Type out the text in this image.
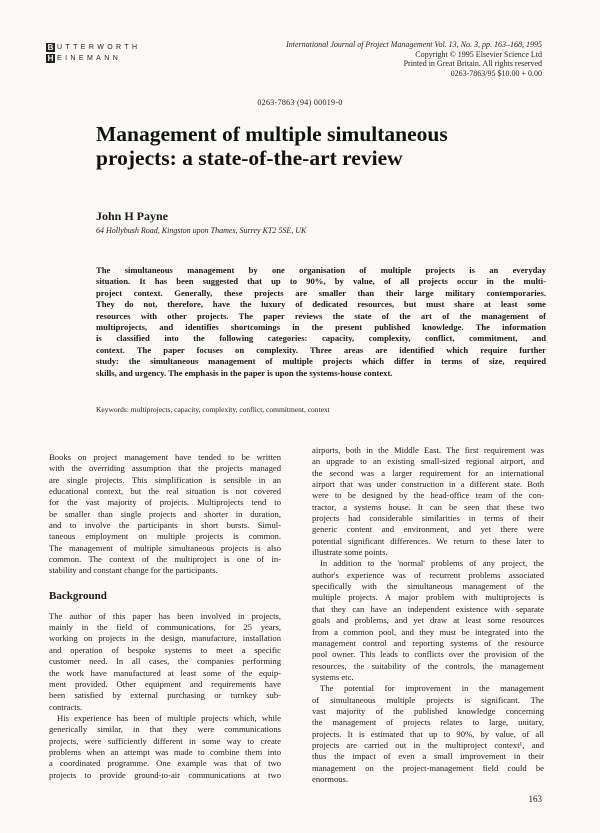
B UTTERWORTH
H EINEMANN
International Journal of Project Management Vol. 13, No. 3, pp. 163–168, 1995
Copyright © 1995 Elsevier Science Ltd
Printed in Great Britain. All rights reserved
0263-7863/95 $10.00 + 0.00
0263-7863 (94) 00019-0
Management of multiple simultaneous
projects: a state-of-the-art review
John H Payne
64 Hollybush Road, Kingston upon Thames, Surrey KT2 5SE, UK
The simultaneous management by one organisation of multiple projects is an everyday
situation. It has been suggested that up to 90%, by value, of all projects occur in the multi-
project context. Generally, these projects are smaller than their large military contemporaries.
They do not, therefore, have the luxury of dedicated resources, but must share at least some
resources with other projects. The paper reviews the state of the art of the management of
multiprojects, and identifies shortcomings in the present published knowledge. The information
is classified into the following categories: capacity, complexity, conflict, commitment, and
context. The paper focuses on complexity. Three areas are identified which require further
study: the simultaneous management of multiple projects which differ in terms of size, required
skills, and urgency. The emphasis in the paper is upon the systems-house context.
Keywords: multiprojects, capacity, complexity, conflict, commitment, context
Books on project management have tended to be written
with the overriding assumption that the projects managed
are single projects. This simplification is sensible in an
educational context, but the real situation is not covered
for the vast majority of projects. Multiprojects tend to
be smaller than single projects and shorter in duration,
and to involve the participants in short bursts. Simul-
taneous employment on multiple projects is common.
The management of multiple simultaneous projects is also
common. The context of the multiproject is one of in-
stability and constant change for the participants.
Background
The author of this paper has been involved in projects,
mainly in the field of communications, for 25 years,
working on projects in the design, manufacture, installation
and operation of bespoke systems to meet a specific
customer need. In all cases, the companies performing
the work have manufactured at least some of the equip-
ment provided. Other equipment and requirements have
been satisfied by external purchasing or turnkey sub-
contracts.
His experience has been of multiple projects which, while
generically similar, in that they were communications
projects, were sufficiently different in some way to create
problems when an attempt was made to combine them into
a coordinated programme. One example was that of two
projects to provide ground-to-air communications at two
airports, both in the Middle East. The first requirement was
an upgrade to an existing small-sized regional airport, and
the second was a larger requirement for an international
airport that was under construction in a different state. Both
were to be designed by the head-office team of the con-
tractor, a systems house. It can be seen that these two
projects had considerable similarities in terms of their
generic content and environment, and yet there were
potential significant differences. We return to these later to
illustrate some points.
In addition to the 'normal' problems of any project, the
author's experience was of recurrent problems associated
specifically with the simultaneous management of the
multiple projects. A major problem with multiprojects is
that they can have an independent existence with separate
goals and problems, and yet draw at least some resources
from a common pool, and they must be integrated into the
management control and reporting systems of the resource
pool owner. This leads to conflicts over the provision of the
resources, the suitability of the controls, the management
systems etc.
The potential for improvement in the management
of simultaneous multiple projects is significant. The
vast majority of the published knowledge concerning
the management of projects relates to large, unitary,
projects. It is estimated that up to 90%, by value, of all
projects are carried out in the multiproject context¹, and
thus the impact of even a small improvement in their
management on the project-management field could be
enormous.
163
